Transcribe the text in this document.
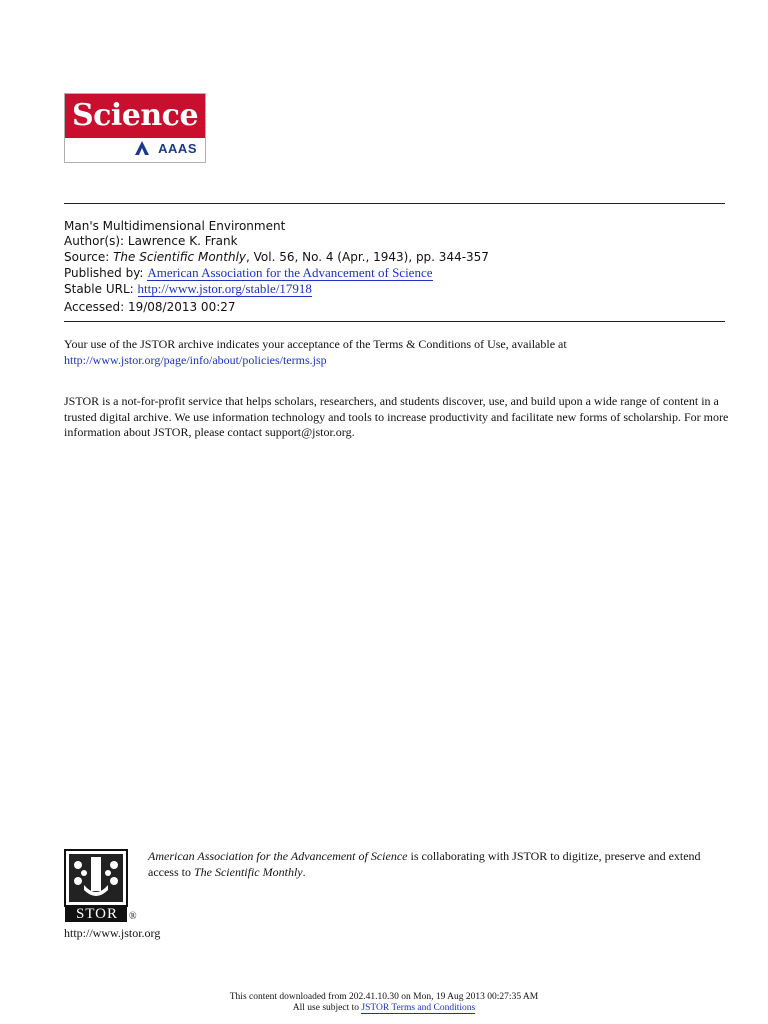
Science
AAAS
Man's Multidimensional Environment
Author(s): Lawrence K. Frank
Source: The Scientific Monthly, Vol. 56, No. 4 (Apr., 1943), pp. 344-357
Published by: American Association for the Advancement of Science
Stable URL: http://www.jstor.org/stable/17918
Accessed: 19/08/2013 00:27
Your use of the JSTOR archive indicates your acceptance of the Terms & Conditions of Use, available at
http://www.jstor.org/page/info/about/policies/terms.jsp
JSTOR is a not-for-profit service that helps scholars, researchers, and students discover, use, and build upon a wide range of content in a trusted digital archive. We use information technology and tools to increase productivity and facilitate new forms of scholarship. For more information about JSTOR, please contact support@jstor.org.
STOR	®
http://www.jstor.org
American Association for the Advancement of Science is collaborating with JSTOR to digitize, preserve and extend access to The Scientific Monthly.
This content downloaded from 202.41.10.30 on Mon, 19 Aug 2013 00:27:35 AM
All use subject to JSTOR Terms and Conditions
